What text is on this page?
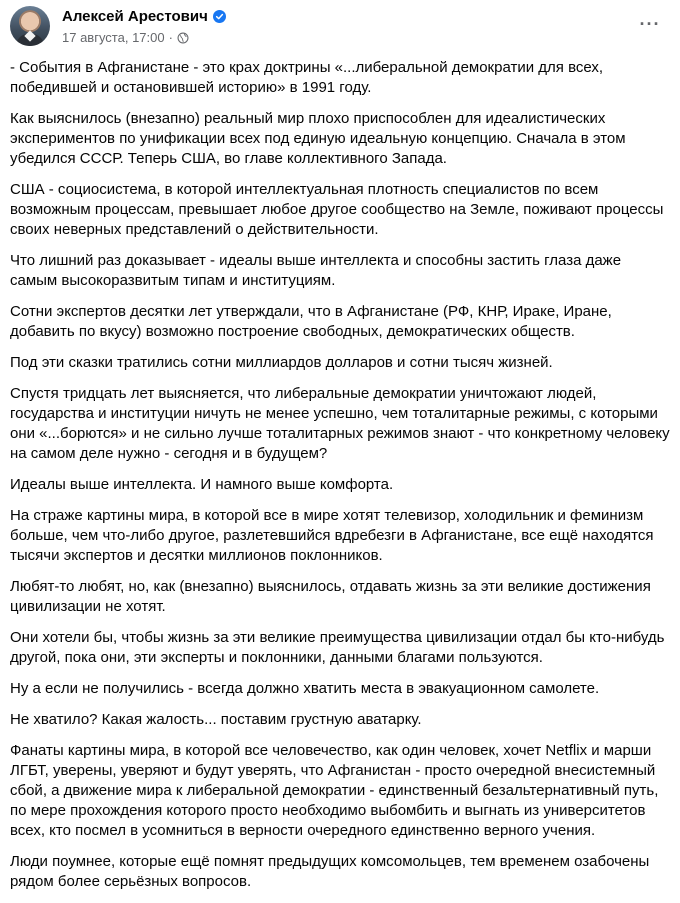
Алексей Арестович
17 августа, 17:00 ·
···

- События в Афганистане - это крах доктрины «...либеральной демократии для всех, победившей и остановившей историю» в 1991 году.

Как выяснилось (внезапно) реальный мир плохо приспособлен для идеалистических экспериментов по унификации всех под единую идеальную концепцию. Сначала в этом убедился СССР. Теперь США, во главе коллективного Запада.

США - социосистема, в которой интеллектуальная плотность специалистов по всем возможным процессам, превышает любое другое сообщество на Земле, поживают процессы своих неверных представлений о действительности.

Что лишний раз доказывает - идеалы выше интеллекта и способны застить глаза даже самым высокоразвитым типам и институциям.

Сотни экспертов десятки лет утверждали, что в Афганистане (РФ, КНР, Ираке, Иране, добавить по вкусу) возможно построение свободных, демократических обществ.

Под эти сказки тратились сотни миллиардов долларов и сотни тысяч жизней.

Спустя тридцать лет выясняется, что либеральные демократии уничтожают людей, государства и институции ничуть не менее успешно, чем тоталитарные режимы, с которыми они «...борются» и не сильно лучше тоталитарных режимов знают - что конкретному человеку на самом деле нужно - сегодня и в будущем?

Идеалы выше интеллекта. И намного выше комфорта.

На страже картины мира, в которой все в мире хотят телевизор, холодильник и феминизм больше, чем что-либо другое, разлетевшийся вдребезги в Афганистане, все ещё находятся тысячи экспертов и десятки миллионов поклонников.

Любят-то любят, но, как (внезапно) выяснилось, отдавать жизнь за эти великие достижения цивилизации не хотят.

Они хотели бы, чтобы жизнь за эти великие преимущества цивилизации отдал бы кто-нибудь другой, пока они, эти эксперты и поклонники, данными благами пользуются.

Ну а если не получились - всегда должно хватить места в эвакуационном самолете.

Не хватило? Какая жалость... поставим грустную аватарку.

Фанаты картины мира, в которой все человечество, как один человек, хочет Netflix и марши ЛГБТ, уверены, уверяют и будут уверять, что Афганистан - просто очередной внесистемный сбой, а движение мира к либеральной демократии - единственный безальтернативный путь, по мере прохождения которого просто необходимо выбомбить и выгнать из университетов всех, кто посмел в усомниться в верности очередного единственно верного учения.

Люди поумнее, которые ещё помнят предыдущих комсомольцев, тем временем озабочены рядом более серьёзных вопросов.
